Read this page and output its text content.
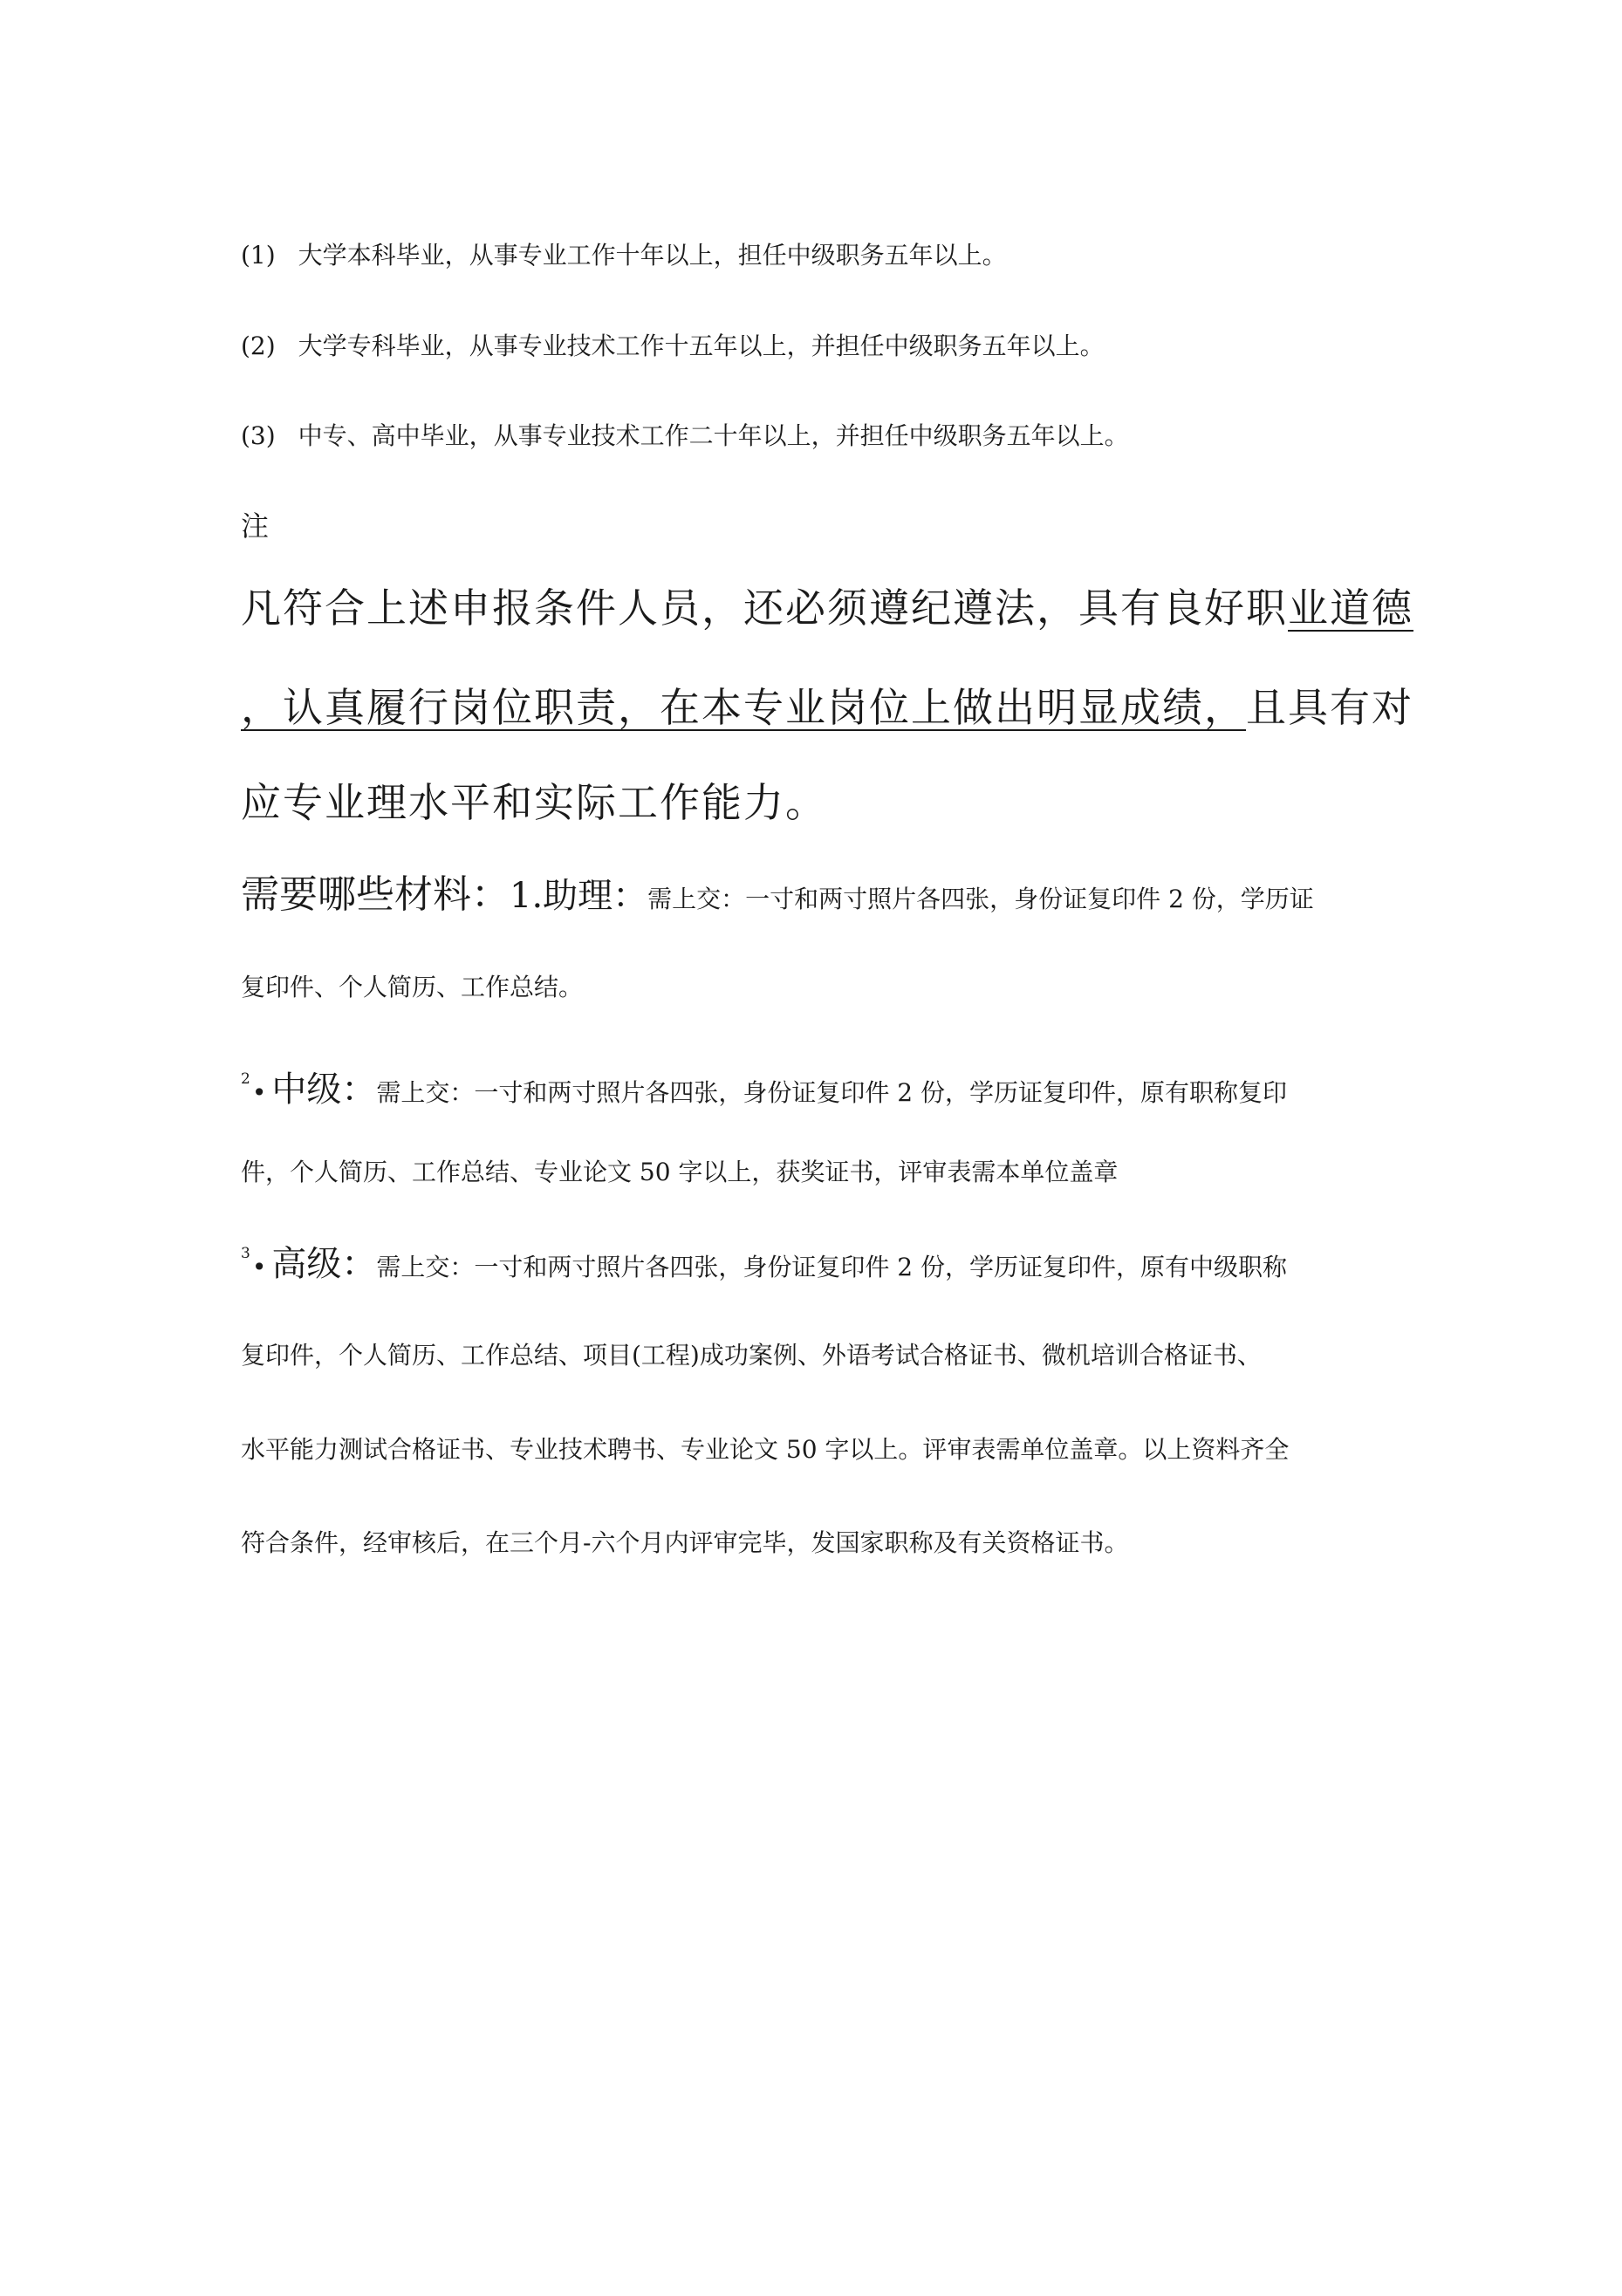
(1) 大学本科毕业，从事专业工作十年以上，担任中级职务五年以上。
(2) 大学专科毕业，从事专业技术工作十五年以上，并担任中级职务五年以上。
(3) 中专、高中毕业，从事专业技术工作二十年以上，并担任中级职务五年以上。
注
凡符合上述申报条件人员，还必须遵纪遵法，具有良好职业道德
，认真履行岗位职责，在本专业岗位上做出明显成绩，且具有对
应专业理水平和实际工作能力。
需要哪些材料：1.助理：需上交：一寸和两寸照片各四张，身份证复印件 2 份，学历证
复印件、个人简历、工作总结。
2• 中级：需上交：一寸和两寸照片各四张，身份证复印件 2 份，学历证复印件，原有职称复印
件，个人简历、工作总结、专业论文 50 字以上，获奖证书，评审表需本单位盖章
3• 高级：需上交：一寸和两寸照片各四张，身份证复印件 2 份，学历证复印件，原有中级职称
复印件，个人简历、工作总结、项目(工程)成功案例、外语考试合格证书、微机培训合格证书、
水平能力测试合格证书、专业技术聘书、专业论文 50 字以上。评审表需单位盖章。以上资料齐全
符合条件，经审核后，在三个月-六个月内评审完毕，发国家职称及有关资格证书。
